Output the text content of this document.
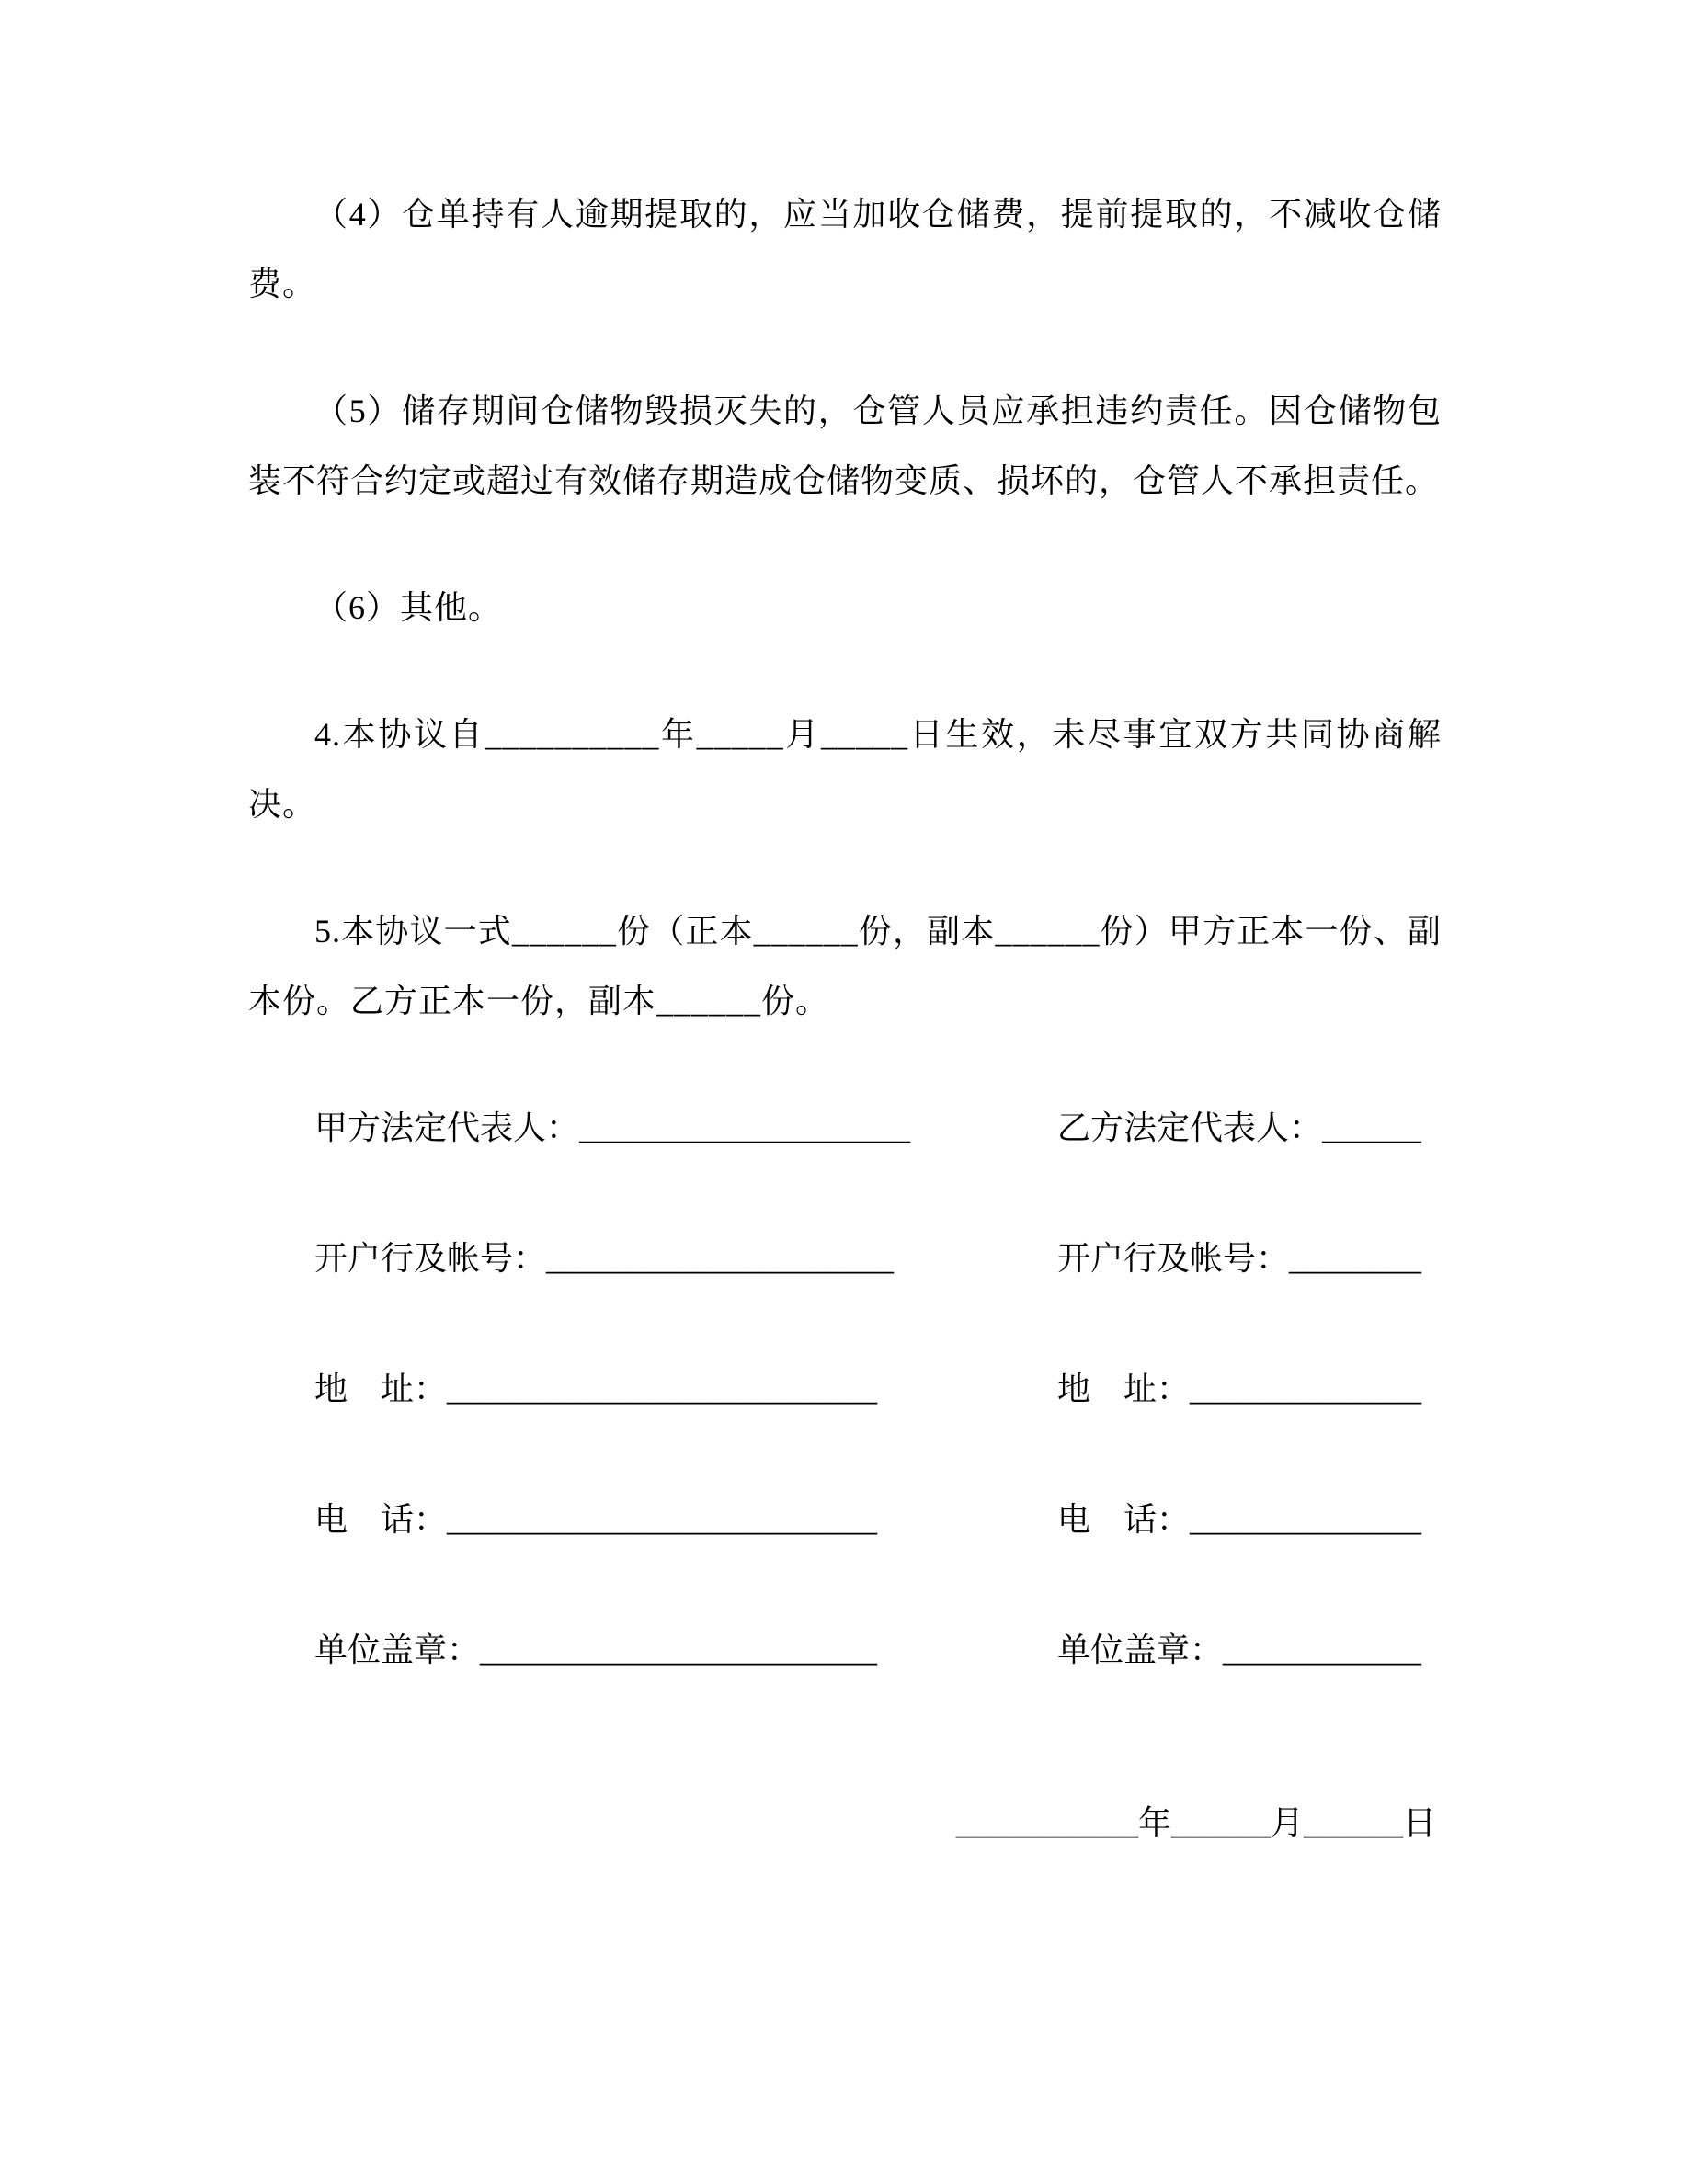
（4）仓单持有人逾期提取的，应当加收仓储费，提前提取的，不减收仓储费。

（5）储存期间仓储物毁损灭失的，仓管人员应承担违约责任。因仓储物包装不符合约定或超过有效储存期造成仓储物变质、损坏的，仓管人不承担责任。

（6）其他。

4.本协议自__________年_____月_____日生效，未尽事宜双方共同协商解决。

5.本协议一式______份（正本______份，副本______份）甲方正本一份、副本份。乙方正本一份，副本______份。

甲方法定代表人：____________________	乙方法定代表人：______
开户行及帐号：_____________________	开户行及帐号：________
地　址：__________________________	地　址：______________
电　话：__________________________	电　话：______________
单位盖章：________________________	单位盖章：____________
___________年______月______日
